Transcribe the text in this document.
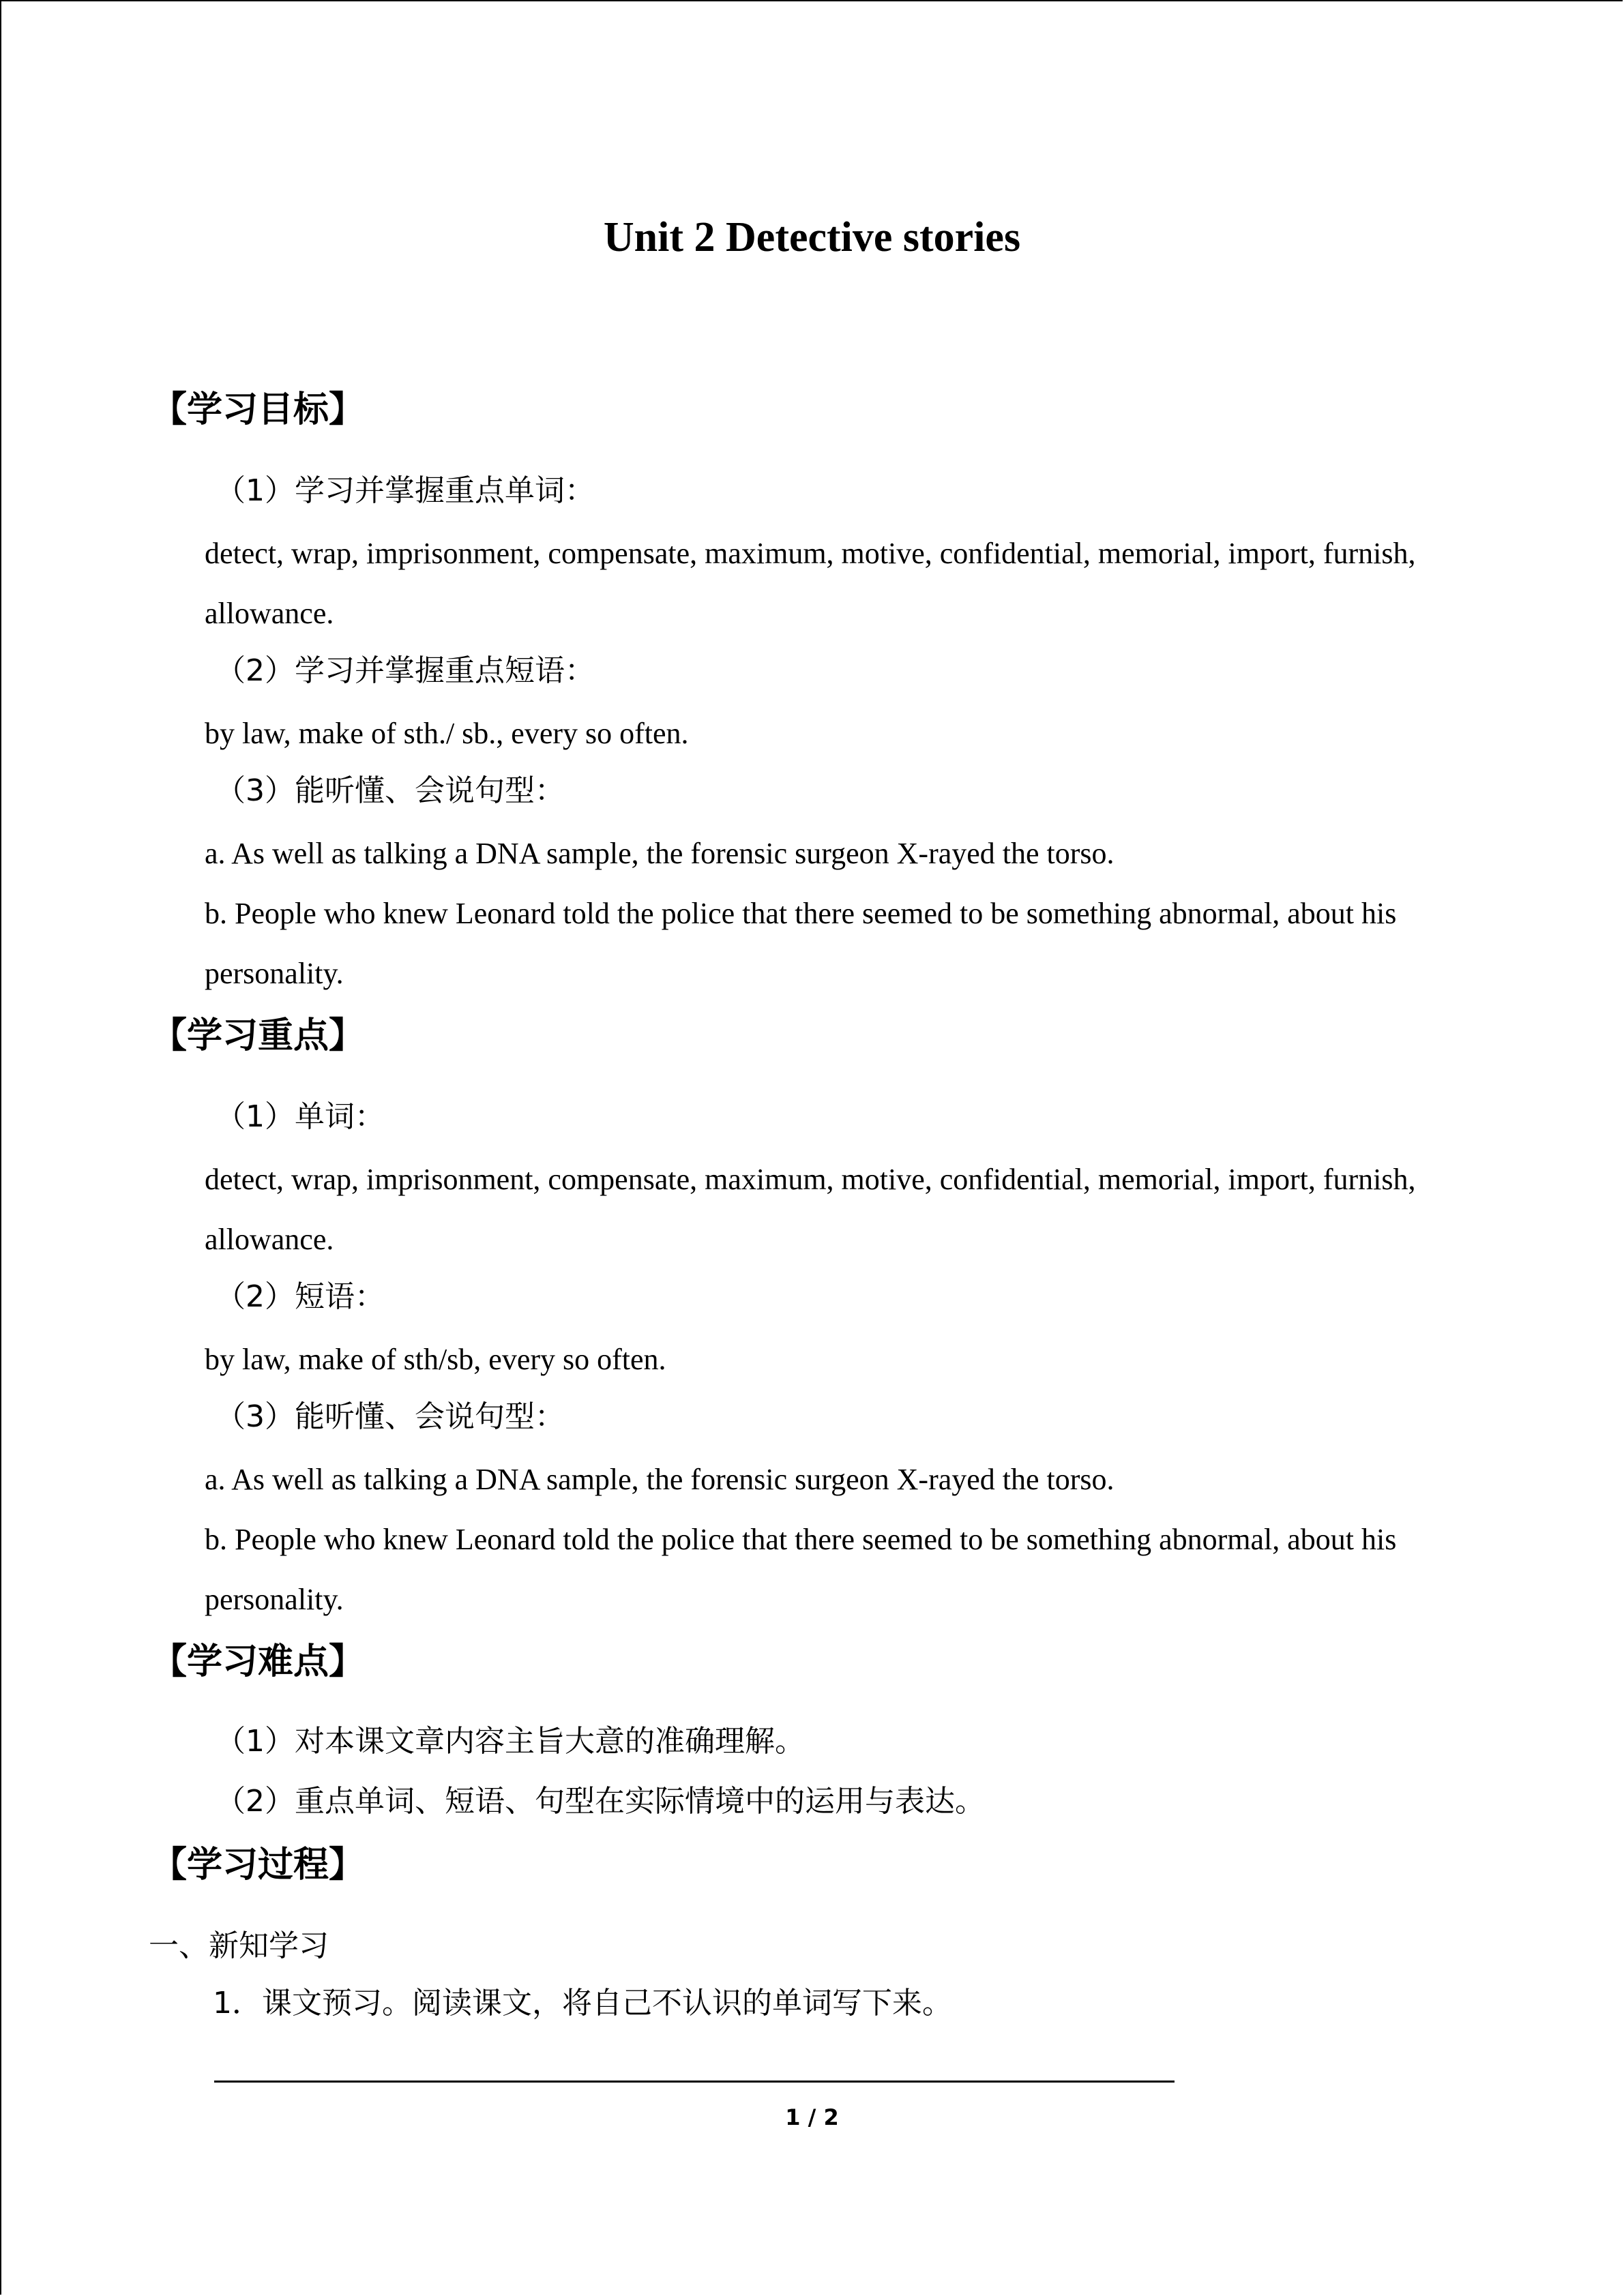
Unit 2 Detective stories
【学习目标】
（1）学习并掌握重点单词：
detect, wrap, imprisonment, compensate, maximum, motive, confidential, memorial, import, furnish, allowance.
（2）学习并掌握重点短语：
by law, make of sth./ sb., every so often.
（3）能听懂、会说句型：
a. As well as talking a DNA sample, the forensic surgeon X-rayed the torso.
b. People who knew Leonard told the police that there seemed to be something abnormal, about his personality.
【学习重点】
（1）单词：
detect, wrap, imprisonment, compensate, maximum, motive, confidential, memorial, import, furnish, allowance.
（2）短语：
by law, make of sth/sb, every so often.
（3）能听懂、会说句型：
a. As well as talking a DNA sample, the forensic surgeon X-rayed the torso.
b. People who knew Leonard told the police that there seemed to be something abnormal, about his personality.
【学习难点】
（1）对本课文章内容主旨大意的准确理解。
（2）重点单词、短语、句型在实际情境中的运用与表达。
【学习过程】
一、新知学习
1．课文预习。阅读课文，将自己不认识的单词写下来。
1 / 2
